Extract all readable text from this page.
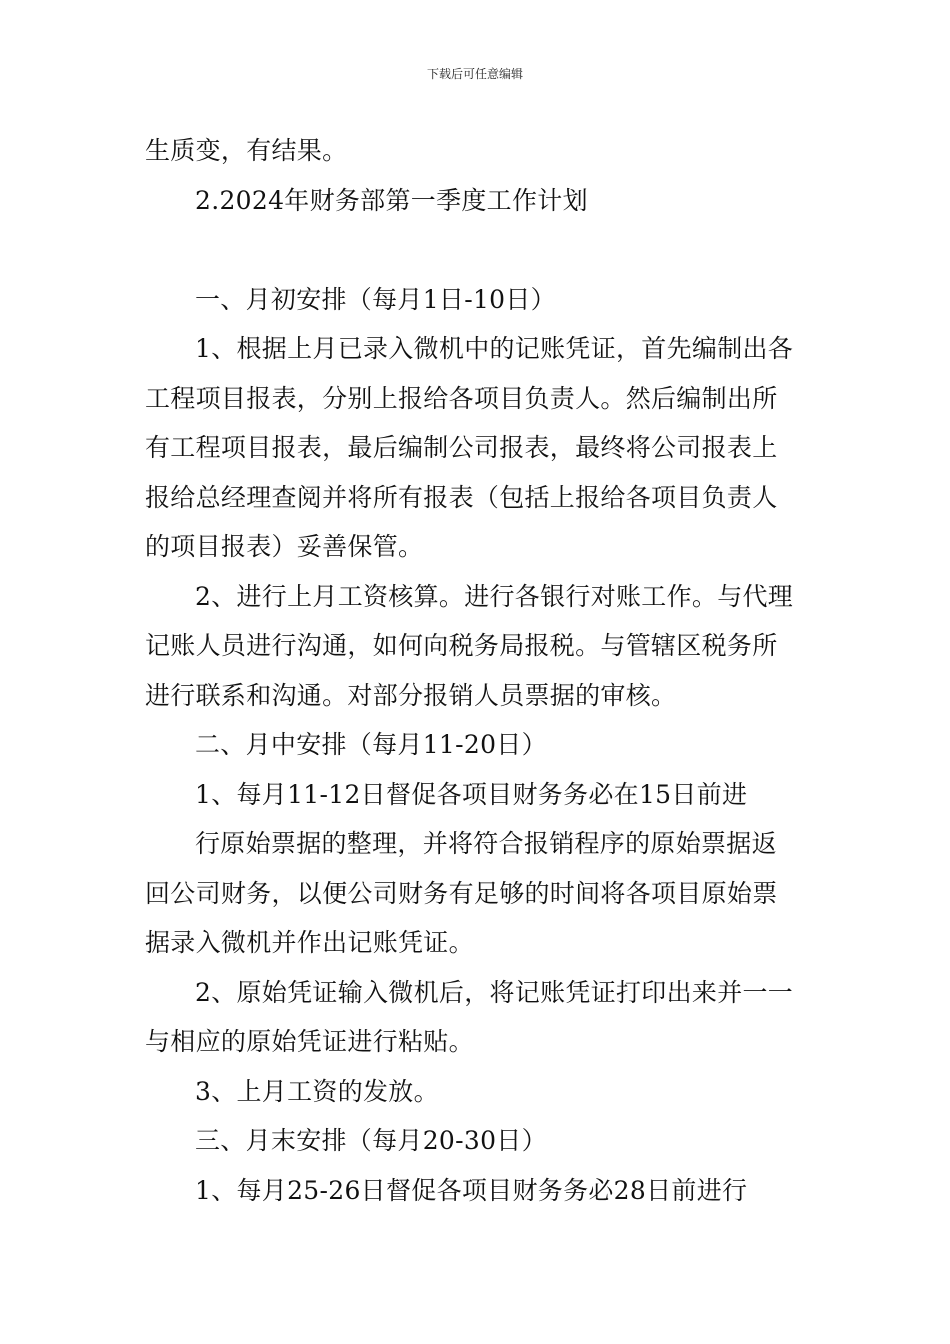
下载后可任意编辑
生质变，有结果。
2.2024年财务部第一季度工作计划
一、月初安排（每月1日-10日）
1、根据上月已录入微机中的记账凭证，首先编制出各
工程项目报表，分别上报给各项目负责人。然后编制出所
有工程项目报表，最后编制公司报表，最终将公司报表上
报给总经理查阅并将所有报表（包括上报给各项目负责人
的项目报表）妥善保管。
2、进行上月工资核算。进行各银行对账工作。与代理
记账人员进行沟通，如何向税务局报税。与管辖区税务所
进行联系和沟通。对部分报销人员票据的审核。
二、月中安排（每月11-20日）
1、每月11-12日督促各项目财务务必在15日前进
行原始票据的整理，并将符合报销程序的原始票据返
回公司财务，以便公司财务有足够的时间将各项目原始票
据录入微机并作出记账凭证。
2、原始凭证输入微机后，将记账凭证打印出来并一一
与相应的原始凭证进行粘贴。
3、上月工资的发放。
三、月末安排（每月20-30日）
1、每月25-26日督促各项目财务务必28日前进行
